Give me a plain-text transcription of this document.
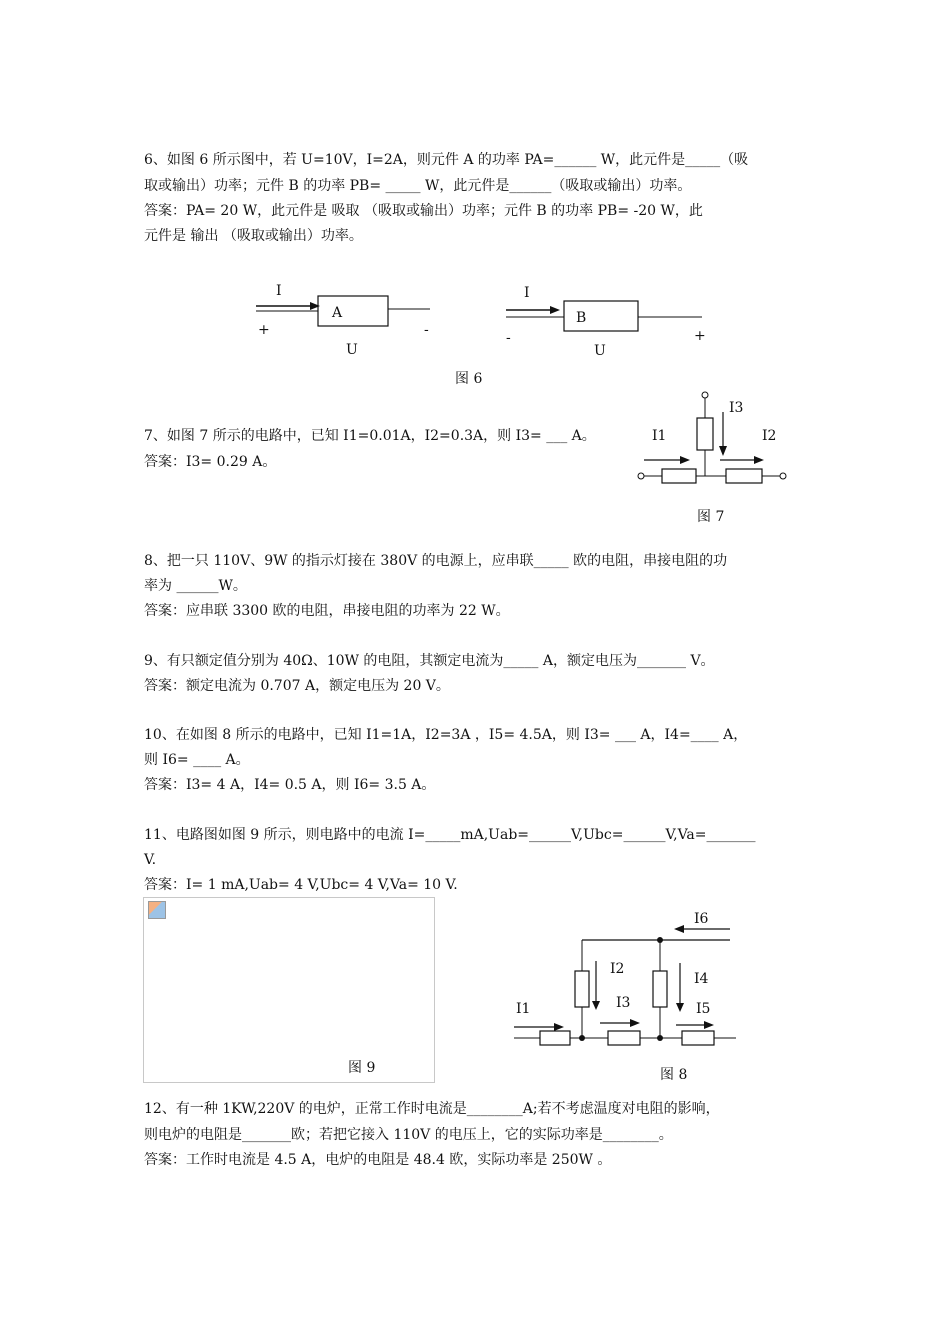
6、如图 6 所示图中，若 U=10V，I=2A，则元件 A 的功率 PA=______ W，此元件是_____（吸
取或输出）功率；元件 B 的功率 PB= _____ W，此元件是______（吸取或输出）功率。
答案：PA= 20 W，此元件是 吸取 （吸取或输出）功率；元件 B 的功率 PB= -20 W，此
元件是 输出 （吸取或输出）功率。
I
A
+	-
U
I
B
-	+
U
图 6
7、如图 7 所示的电路中，已知 I1=0.01A，I2=0.3A，则 I3= ___ A。
答案：I3= 0.29 A。
I3
I1	I2
图 7
8、把一只 110V、9W 的指示灯接在 380V 的电源上，应串联_____ 欧的电阻，串接电阻的功
率为 ______W。
答案：应串联 3300 欧的电阻，串接电阻的功率为 22 W。
9、有只额定值分别为 40Ω、10W 的电阻，其额定电流为_____ A，额定电压为_______ V。
答案：额定电流为 0.707 A，额定电压为 20 V。
10、在如图 8 所示的电路中，已知 I1=1A，I2=3A ，I5= 4.5A，则 I3= ___ A，I4=____ A，
则 I6= ____ A。
答案：I3= 4 A，I4= 0.5 A，则 I6= 3.5 A。
11、电路图如图 9 所示，则电路中的电流 I=_____mA,Uab=______V,Ubc=______V,Va=_______
V.
答案：I= 1 mA,Uab= 4 V,Ubc= 4 V,Va= 10 V.
图 9
I6
I2
I4
I1	I3	I5
图 8
12、有一种 1KW,220V 的电炉，正常工作时电流是________A;若不考虑温度对电阻的影响，
则电炉的电阻是_______欧；若把它接入 110V 的电压上，它的实际功率是________。
答案：工作时电流是 4.5 A，电炉的电阻是 48.4 欧，实际功率是 250W 。
